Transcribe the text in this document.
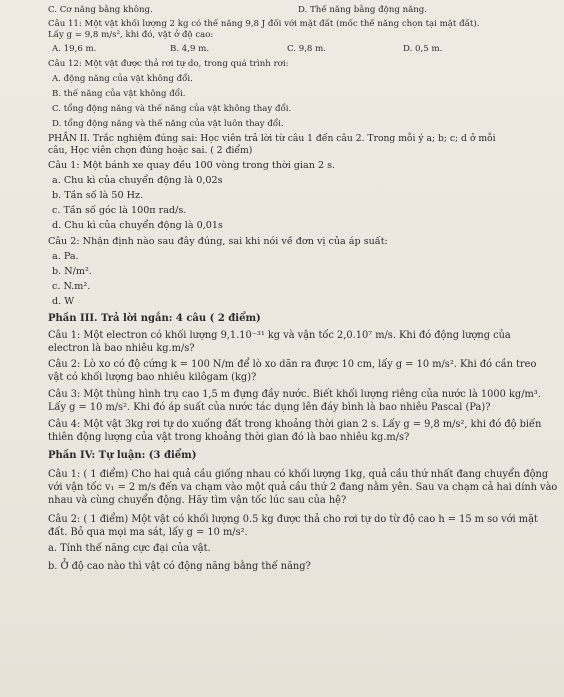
C. Cơ năng bằng không.	D. Thế năng bằng động năng.
Câu 11: Một vật khối lượng 2 kg có thế năng 9,8 J đối với mặt đất (mốc thế năng chọn tại mặt đất).
Lấy g = 9,8 m/s², khi đó, vật ở độ cao:
A. 19,6 m.	B. 4,9 m.	C. 9,8 m.	D. 0,5 m.
Câu 12: Một vật được thả rơi tự do, trong quá trình rơi:
A. động năng của vật không đổi.
B. thế năng của vật không đổi.
C. tổng động năng và thế năng của vật không thay đổi.
D. tổng động năng và thế năng của vật luôn thay đổi.
PHẦN II. Trắc nghiệm đúng sai: Học viên trả lời từ câu 1 đến câu 2. Trong mỗi ý a; b; c; d ở mỗi
câu, Học viên chọn đúng hoặc sai. ( 2 điểm)
Câu 1: Một bánh xe quay đều 100 vòng trong thời gian 2 s.
a. Chu kì của chuyển động là 0,02s
b. Tần số là 50 Hz.
c. Tần số góc là 100π rad/s.
d. Chu kì của chuyển động là 0,01s
Câu 2: Nhận định nào sau đây đúng, sai khi nói về đơn vị của áp suất:
a. Pa.
b. N/m².
c. N.m².
d. W
Phần III. Trả lời ngắn: 4 câu ( 2 điểm)
Câu 1: Một electron có khối lượng 9,1.10⁻³¹ kg và vận tốc 2,0.10⁷ m/s. Khi đó động lượng của
electron là bao nhiêu kg.m/s?
Câu 2: Lò xo có độ cứng k = 100 N/m để lò xo dãn ra được 10 cm, lấy g = 10 m/s². Khi đó cần treo
vật có khối lượng bao nhiêu kilôgam (kg)?
Câu 3: Một thùng hình trụ cao 1,5 m đựng đầy nước. Biết khối lượng riêng của nước là 1000 kg/m³.
Lấy g = 10 m/s². Khi đó áp suất của nước tác dụng lên đáy bình là bao nhiêu Pascal (Pa)?
Câu 4: Một vật 3kg rơi tự do xuống đất trong khoảng thời gian 2 s. Lấy g = 9,8 m/s², khi đó độ biến
thiên động lượng của vật trong khoảng thời gian đó là bao nhiêu kg.m/s?
Phần IV: Tự luận: (3 điểm)
Câu 1: ( 1 điểm) Cho hai quả cầu giống nhau có khối lượng 1kg, quả cầu thứ nhất đang chuyển động
với vận tốc v₁ = 2 m/s đến va chạm vào một quả cầu thứ 2 đang nằm yên. Sau va chạm cả hai dính vào
nhau và cùng chuyển động. Hãy tìm vận tốc lúc sau của hệ?
Câu 2: ( 1 điểm) Một vật có khối lượng 0.5 kg được thả cho rơi tự do từ độ cao h = 15 m so với mặt
đất. Bỏ qua mọi ma sát, lấy g = 10 m/s².
a. Tính thế năng cực đại của vật.
b. Ở độ cao nào thì vật có động năng bằng thế năng?
